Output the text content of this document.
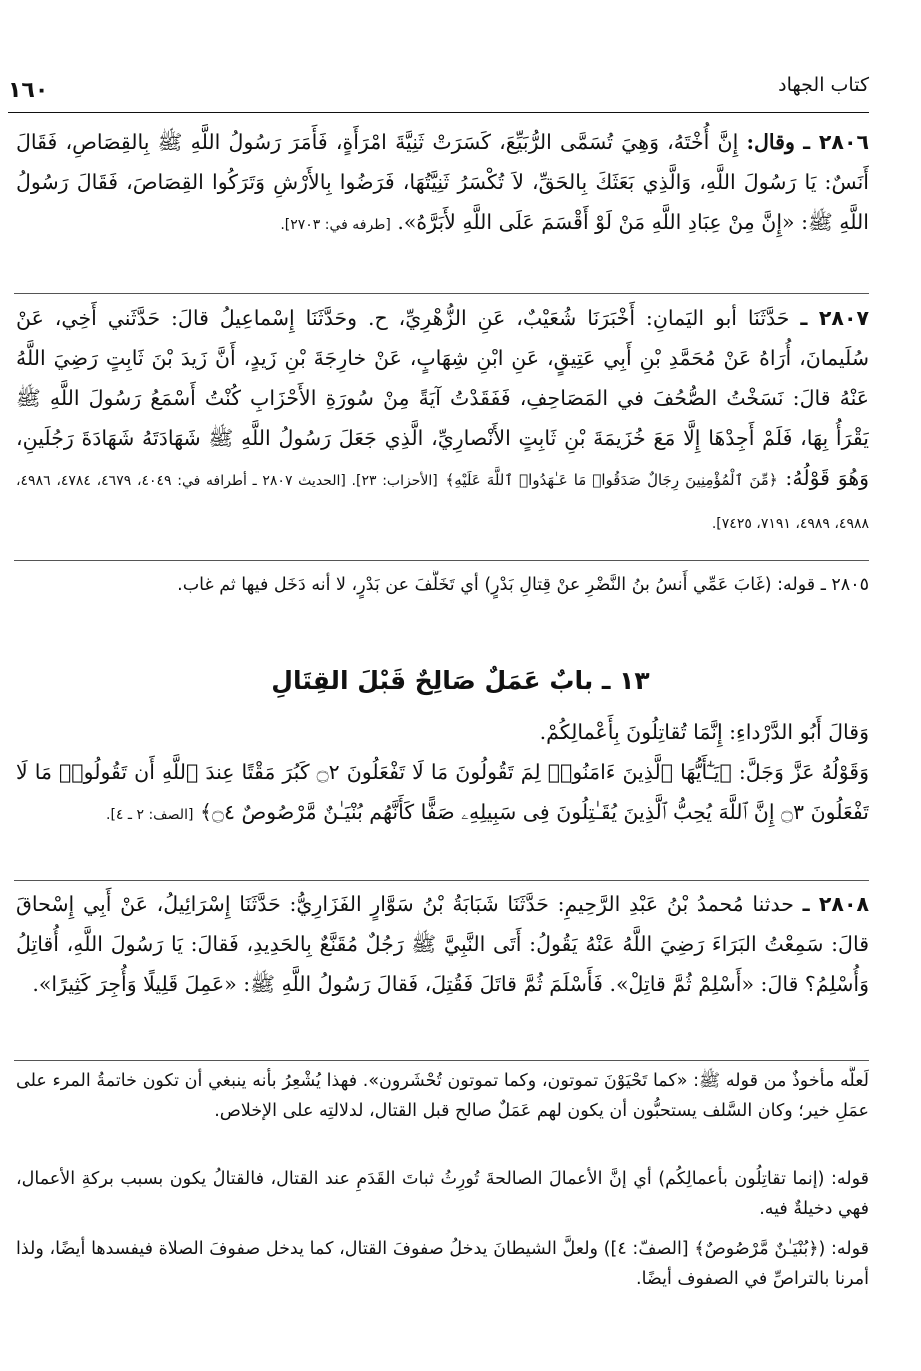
كتاب الجهاد
١٦٠
٢٨٠٦ ـ وقال: إِنَّ أُخْتَهُ، وَهِيَ تُسَمَّى الرُّبَيِّعَ، كَسَرَتْ ثَنِيَّةَ امْرَأَةٍ، فَأَمَرَ رَسُولُ اللَّهِ ﷺ بِالقِصَاصِ، فَقَالَ أَنَسٌ: يَا رَسُولَ اللَّهِ، وَالَّذِي بَعَثَكَ بِالحَقِّ، لاَ تُكْسَرُ ثَنِيَّتُهَا، فَرَضُوا بِالأَرْشِ وَتَرَكُوا القِصَاصَ، فَقَالَ رَسُولُ اللَّهِ ﷺ: «إِنَّ مِنْ عِبَادِ اللَّهِ مَنْ لَوْ أَقْسَمَ عَلَى اللَّهِ لأَبَرَّهُ». [طرفه في: ٢٧٠٣].
٢٨٠٧ ـ حَدَّثَنَا أبو اليَمانِ: أَخْبَرَنَا شُعَيْبٌ، عَنِ الزُّهْرِيِّ، ح. وحَدَّثَنَا إِسْماعِيلُ قالَ: حَدَّثَني أَخِي، عَنْ سُلَيمانَ، أُرَاهُ عَنْ مُحَمَّدِ بْنِ أَبِي عَتِيقٍ، عَنِ ابْنِ شِهَابٍ، عَنْ خارِجَةَ بْنِ زَيدٍ، أَنَّ زَيدَ بْنَ ثَابِتٍ رَضِيَ اللَّهُ عَنْهُ قالَ: نَسَخْتُ الصُّحُفَ في المَصَاحِفِ، فَفَقَدْتُ آيَةً مِنْ سُورَةِ الأَحْزَابِ كُنْتُ أَسْمَعُ رَسُولَ اللَّهِ ﷺ يَقْرَأُ بِهَا، فَلَمْ أَجِدْهَا إِلَّا مَعَ خُزَيمَةَ بْنِ ثَابِتٍ الأَنْصارِيِّ، الَّذِي جَعَلَ رَسُولُ اللَّهِ ﷺ شَهَادَتَهُ شَهَادَةَ رَجُلَينِ، وَهُوَ قَوْلُهُ: ﴿مِّنَ ٱلْمُؤْمِنِينَ رِجَالٌ صَدَقُوا۟ مَا عَـٰهَدُوا۟ ٱللَّهَ عَلَيْهِ﴾ [الأحزاب: ٢٣]. [الحديث ٢٨٠٧ ـ أطرافه في: ٤٠٤٩، ٤٦٧٩، ٤٧٨٤، ٤٩٨٦، ٤٩٨٨، ٤٩٨٩، ٧١٩١، ٧٤٢٥].
٢٨٠٥ ـ قوله: (غَابَ عَمِّي أَنسُ بنُ النَّضْرِ عنْ قِتالِ بَدْرٍ) أي تَخَلَّفَ عن بَدْرٍ، لا أنه دَخَل فيها ثم غاب.
١٣ ـ بابٌ عَمَلٌ صَالِحٌ قَبْلَ القِتَالِ
وَقالَ أَبُو الدَّرْداءِ: إِنَّمَا تُقاتِلُونَ بِأَعْمالِكُمْ.
وَقَوْلُهُ عَزَّ وَجَلَّ: ﴿يَـٰٓأَيُّهَا ٱلَّذِينَ ءَامَنُوا۟ لِمَ تَقُولُونَ مَا لَا تَفْعَلُونَ ۝٢ كَبُرَ مَقْتًا عِندَ ٱللَّهِ أَن تَقُولُوا۟ مَا لَا تَفْعَلُونَ ۝٣ إِنَّ ٱللَّهَ يُحِبُّ ٱلَّذِينَ يُقَـٰتِلُونَ فِى سَبِيلِهِۦ صَفًّا كَأَنَّهُم بُنْيَـٰنٌ مَّرْصُوصٌ ۝٤﴾ [الصف: ٢ ـ ٤].
٢٨٠٨ ـ حدثنا مُحمدُ بْنُ عَبْدِ الرَّحِيمِ: حَدَّثَنَا شَبَابَةُ بْنُ سَوَّارٍ الفَزَارِيُّ: حَدَّثَنَا إِسْرَائِيلُ، عَنْ أَبِي إِسْحاقَ قالَ: سَمِعْتُ البَرَاءَ رَضِيَ اللَّهُ عَنْهُ يَقُولُ: أَتَى النَّبِيَّ ﷺ رَجُلٌ مُقَنَّعٌ بِالحَدِيدِ، فَقالَ: يَا رَسُولَ اللَّهِ، أُقاتِلُ وَأُسْلِمُ؟ قالَ: «أَسْلِمْ ثُمَّ قاتِلْ». فَأَسْلَمَ ثُمَّ قاتَلَ فَقُتِلَ، فَقالَ رَسُولُ اللَّهِ ﷺ: «عَمِلَ قَلِيلًا وَأُجِرَ كَثِيرًا».
لَعلَّه مأخوذٌ من قوله ﷺ: «كما تَحْيَوْنَ تموتون، وكما تموتون تُحْشَرون». فهذا يُشْعِرُ بأنه ينبغي أن تكون خاتمةُ المرء على عمَلِ خير؛ وكان السَّلف يستحبُّون أن يكون لهم عَمَلٌ صالح قبل القتال، لدلالتِه على الإخلاص.
قوله: (إنما تقاتِلُون بأعمالِكُم) أي إنَّ الأعمالَ الصالحةَ تُورِثُ ثباتَ القَدَمِ عند القتال، فالقتالُ يكون بسبب بركةِ الأعمال، فهي دخيلةٌ فيه.
قوله: (﴿بُنْيَـٰنٌ مَّرْصُوصٌ﴾ [الصفّ: ٤]) ولعلَّ الشيطانَ يدخلُ صفوفَ القتال، كما يدخل صفوفَ الصلاة فيفسدها أيضًا، ولذا أمرنا بالتراصِّ في الصفوف أيضًا.
